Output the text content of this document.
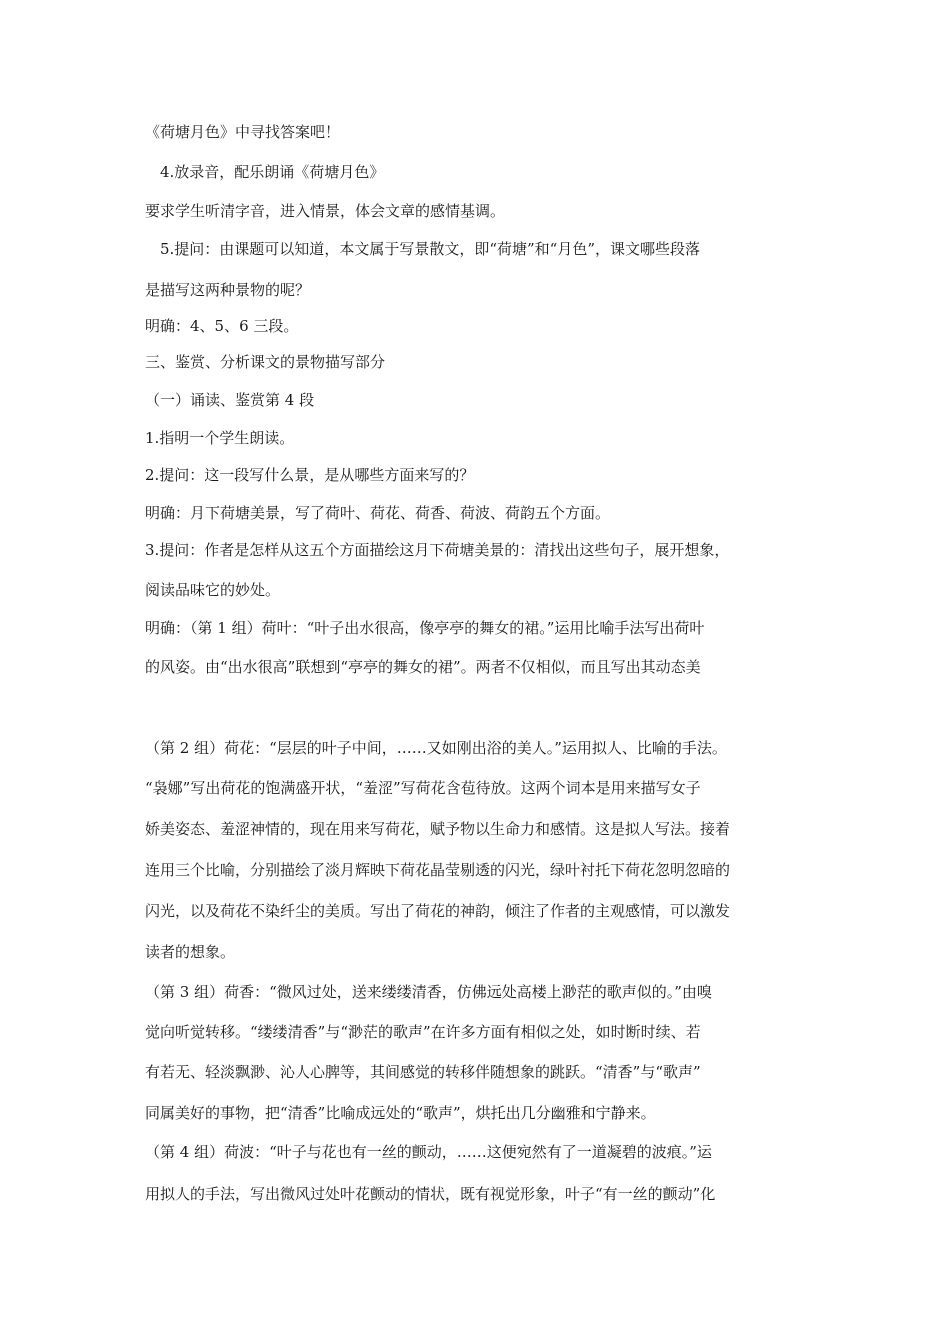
《荷塘月色》中寻找答案吧！
4.放录音，配乐朗诵《荷塘月色》
要求学生听清字音，进入情景，体会文章的感情基调。
5.提问：由课题可以知道，本文属于写景散文，即“荷塘”和“月色”，课文哪些段落
是描写这两种景物的呢？
明确：4、5、6 三段。
三、鉴赏、分析课文的景物描写部分
（一）诵读、鉴赏第 4 段
1.指明一个学生朗读。
2.提问：这一段写什么景，是从哪些方面来写的？
明确：月下荷塘美景，写了荷叶、荷花、荷香、荷波、荷韵五个方面。
3.提问：作者是怎样从这五个方面描绘这月下荷塘美景的：清找出这些句子，展开想象，
阅读品味它的妙处。
明确：（第 1 组）荷叶：“叶子出水很高，像亭亭的舞女的裙。”运用比喻手法写出荷叶
的风姿。由“出水很高”联想到“亭亭的舞女的裙”。两者不仅相似，而且写出其动态美
（第 2 组）荷花：“层层的叶子中间，……又如刚出浴的美人。”运用拟人、比喻的手法。
“袅娜”写出荷花的饱满盛开状，“羞涩”写荷花含苞待放。这两个词本是用来描写女子
娇美姿态、羞涩神情的，现在用来写荷花，赋予物以生命力和感情。这是拟人写法。接着
连用三个比喻，分别描绘了淡月辉映下荷花晶莹剔透的闪光，绿叶衬托下荷花忽明忽暗的
闪光，以及荷花不染纤尘的美质。写出了荷花的神韵，倾注了作者的主观感情，可以激发
读者的想象。
（第 3 组）荷香：“微风过处，送来缕缕清香，仿佛远处高楼上渺茫的歌声似的。”由嗅
觉向听觉转移。“缕缕清香”与“渺茫的歌声”在许多方面有相似之处，如时断时续、若
有若无、轻淡飘渺、沁人心脾等，其间感觉的转移伴随想象的跳跃。“清香”与“歌声”
同属美好的事物，把“清香”比喻成远处的“歌声”，烘托出几分幽雅和宁静来。
（第 4 组）荷波：“叶子与花也有一丝的颤动，……这便宛然有了一道凝碧的波痕。”运
用拟人的手法，写出微风过处叶花颤动的情状，既有视觉形象，叶子“有一丝的颤动”化
